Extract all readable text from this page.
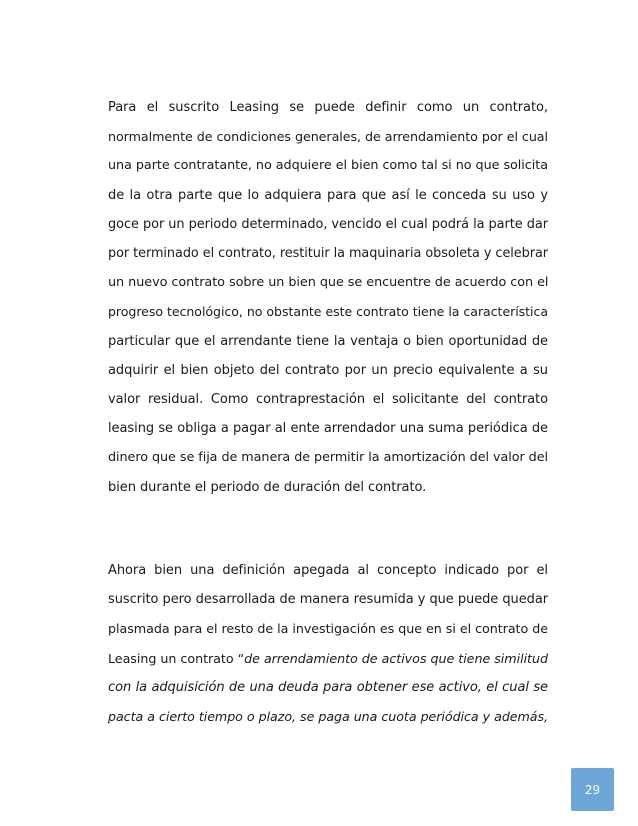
Para el suscrito Leasing se puede definir como un contrato,
normalmente de condiciones generales, de arrendamiento por el cual
una parte contratante, no adquiere el bien como tal si no que solicita
de la otra parte que lo adquiera para que así le conceda su uso y
goce por un periodo determinado, vencido el cual podrá la parte dar
por terminado el contrato, restituir la maquinaria obsoleta y celebrar
un nuevo contrato sobre un bien que se encuentre de acuerdo con el
progreso tecnológico, no obstante este contrato tiene la característica
particular que el arrendante tiene la ventaja o bien oportunidad de
adquirir el bien objeto del contrato por un precio equivalente a su
valor residual. Como contraprestación el solicitante del contrato
leasing se obliga a pagar al ente arrendador una suma periódica de
dinero que se fija de manera de permitir la amortización del valor del
bien durante el periodo de duración del contrato.
Ahora bien una definición apegada al concepto indicado por el
suscrito pero desarrollada de manera resumida y que puede quedar
plasmada para el resto de la investigación es que en si el contrato de
Leasing un contrato “de arrendamiento de activos que tiene similitud
con la adquisición de una deuda para obtener ese activo, el cual se
pacta a cierto tiempo o plazo, se paga una cuota periódica y además,
29
